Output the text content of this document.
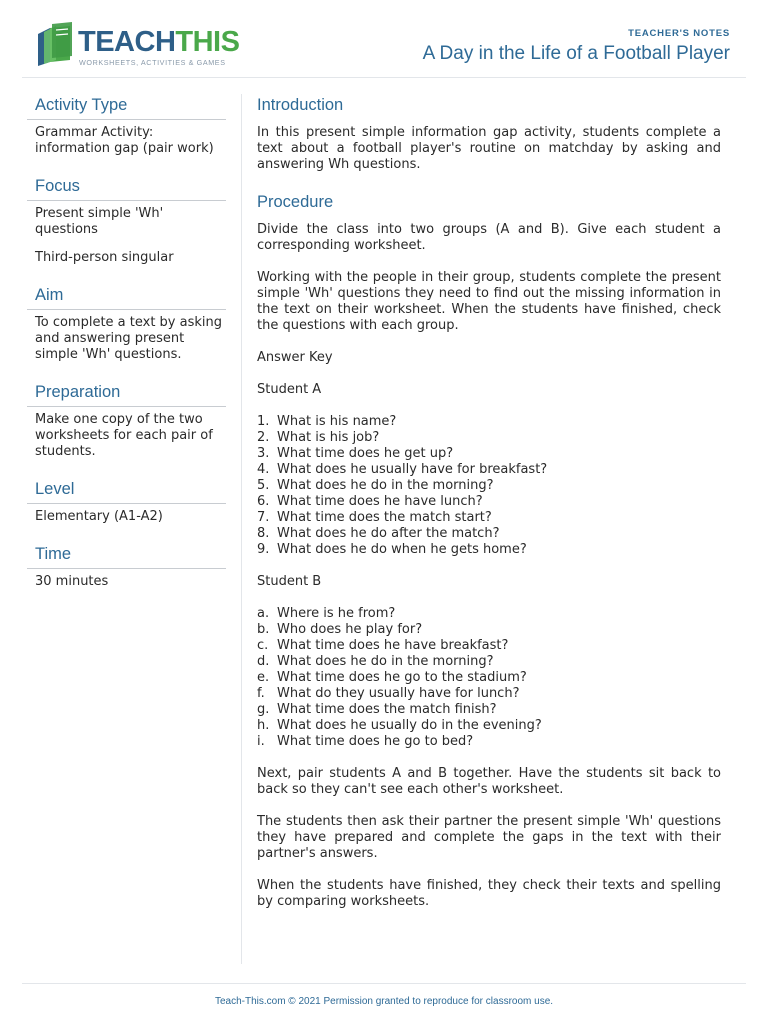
TEACHTHIS
WORKSHEETS, ACTIVITIES & GAMES
TEACHER'S NOTES
A Day in the Life of a Football Player
Activity Type

Grammar Activity: information gap (pair work)

Focus

Present simple 'Wh' questions

Third-person singular

Aim

To complete a text by asking and answering present simple 'Wh' questions.

Preparation

Make one copy of the two worksheets for each pair of students.

Level

Elementary (A1-A2)

Time

30 minutes

Introduction

In this present simple information gap activity, students complete a text about a football player's routine on matchday by asking and answering Wh questions.

Procedure

Divide the class into two groups (A and B). Give each student a corresponding worksheet.

Working with the people in their group, students complete the present simple 'Wh' questions they need to find out the missing information in the text on their worksheet. When the students have finished, check the questions with each group.

Answer Key

Student A

1. What is his name?
2. What is his job?
3. What time does he get up?
4. What does he usually have for breakfast?
5. What does he do in the morning?
6. What time does he have lunch?
7. What time does the match start?
8. What does he do after the match?
9. What does he do when he gets home?

Student B

a. Where is he from?
b. Who does he play for?
c. What time does he have breakfast?
d. What does he do in the morning?
e. What time does he go to the stadium?
f. What do they usually have for lunch?
g. What time does the match finish?
h. What does he usually do in the evening?
i. What time does he go to bed?

Next, pair students A and B together. Have the students sit back to back so they can't see each other's worksheet.

The students then ask their partner the present simple 'Wh' questions they have prepared and complete the gaps in the text with their partner's answers.

When the students have finished, they check their texts and spelling by comparing worksheets.

Teach-This.com © 2021 Permission granted to reproduce for classroom use.
